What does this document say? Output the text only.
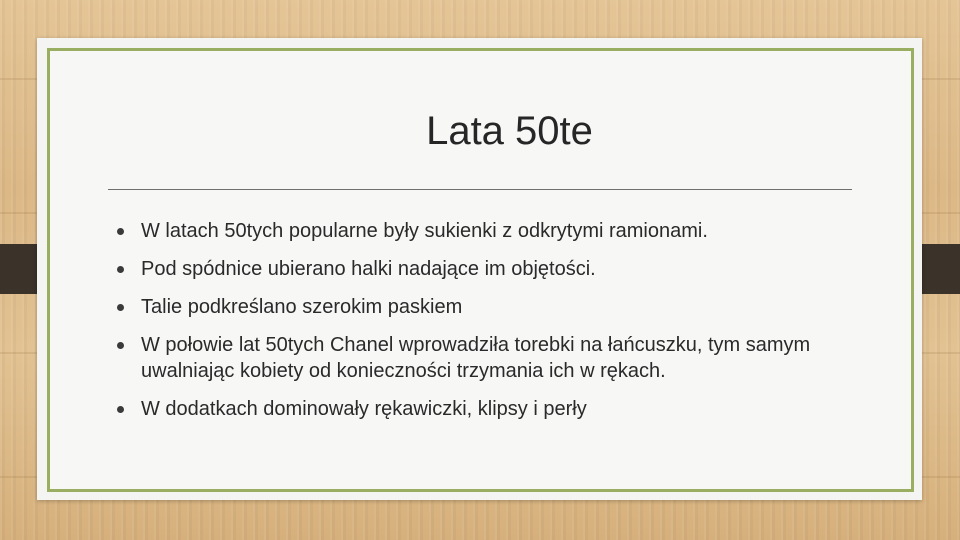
Lata 50te
W latach 50tych popularne były sukienki z odkrytymi ramionami.
Pod spódnice ubierano halki nadające im objętości.
Talie podkreślano szerokim paskiem
W połowie lat 50tych Chanel wprowadziła torebki na łańcuszku, tym samym uwalniając kobiety od konieczności trzymania ich w rękach.
W dodatkach dominowały rękawiczki, klipsy i perły
